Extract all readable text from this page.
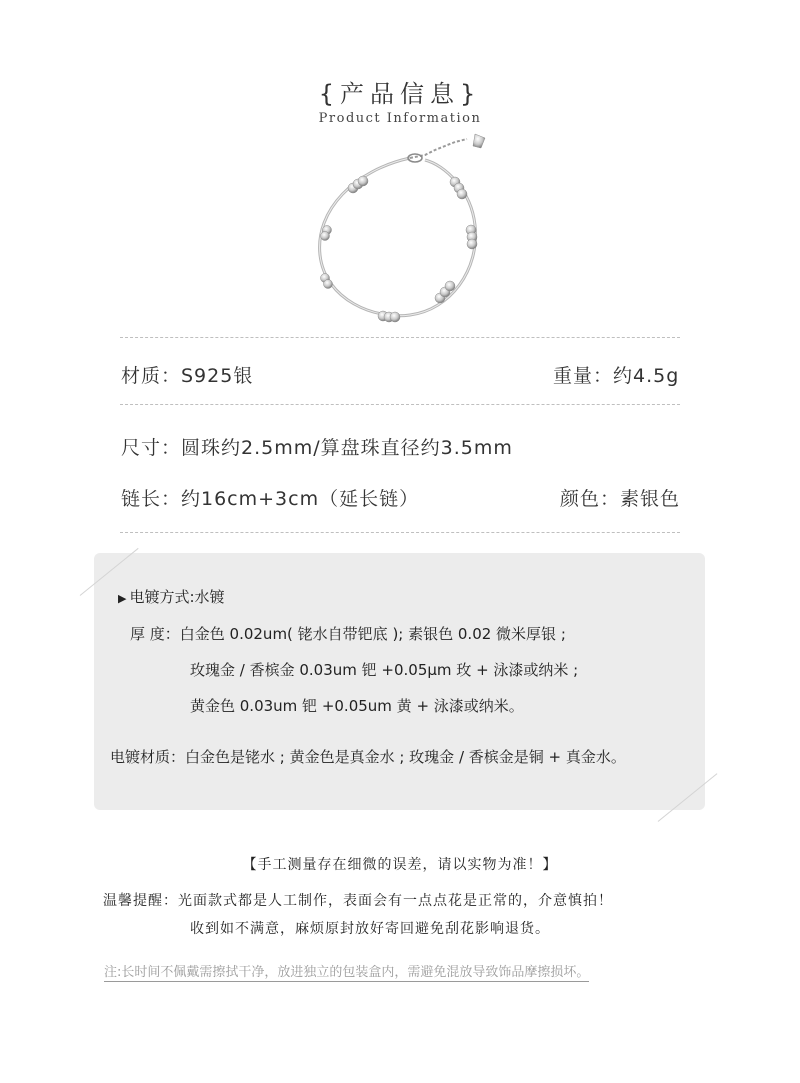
{产品信息}
Product Information
材质：S925银	重量：约4.5g
尺寸：圆珠约2.5mm/算盘珠直径约3.5mm
链长：约16cm+3cm（延长链）	颜色：素银色
▶ 电镀方式:水镀
厚 度：白金色 0.02um( 铑水自带钯底 ); 素银色 0.02 微米厚银 ;
玫瑰金 / 香槟金 0.03um 钯 +0.05μm 玫 + 泳漆或纳米 ;
黄金色 0.03um 钯 +0.05um 黄 + 泳漆或纳米。
电镀材质：白金色是铑水 ; 黄金色是真金水 ; 玫瑰金 / 香槟金是铜 + 真金水。
【手工测量存在细微的误差，请以实物为准！】
温馨提醒：光面款式都是人工制作，表面会有一点点花是正常的，介意慎拍！
收到如不满意，麻烦原封放好寄回避免刮花影响退货。
注:长时间不佩戴需擦拭干净，放进独立的包装盒内，需避免混放导致饰品摩擦损坏。
